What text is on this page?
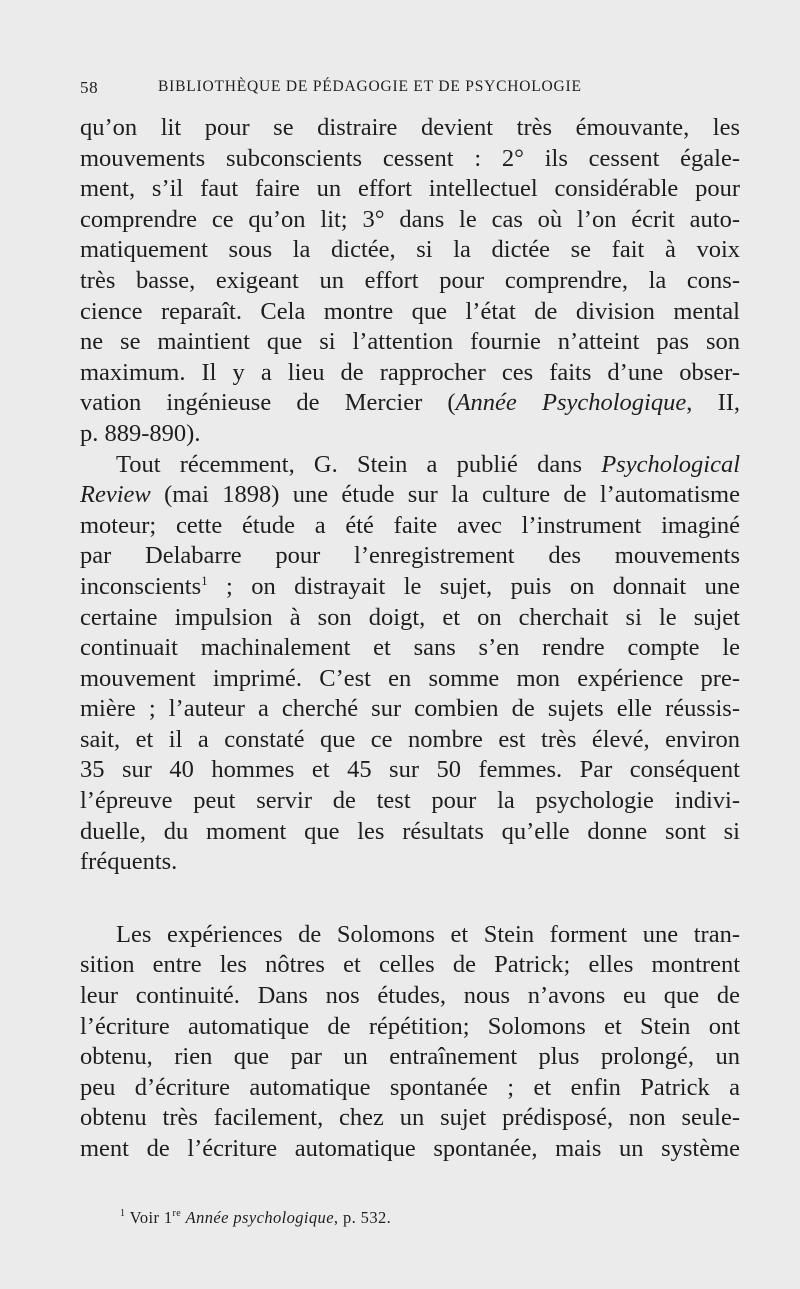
58	BIBLIOTHÈQUE DE PÉDAGOGIE ET DE PSYCHOLOGIE
qu’on lit pour se distraire devient très émouvante, les
mouvements subconscients cessent : 2° ils cessent égale-
ment, s’il faut faire un effort intellectuel considérable pour
comprendre ce qu’on lit; 3° dans le cas où l’on écrit auto-
matiquement sous la dictée, si la dictée se fait à voix
très basse, exigeant un effort pour comprendre, la cons-
cience reparaît. Cela montre que l’état de division mental
ne se maintient que si l’attention fournie n’atteint pas son
maximum. Il y a lieu de rapprocher ces faits d’une obser-
vation ingénieuse de Mercier (Année Psychologique, II,
p. 889-890).
Tout récemment, G. Stein a publié dans Psychological
Review (mai 1898) une étude sur la culture de l’automatisme
moteur; cette étude a été faite avec l’instrument imaginé
par Delabarre pour l’enregistrement des mouvements
inconscients$^1$ ; on distrayait le sujet, puis on donnait une
certaine impulsion à son doigt, et on cherchait si le sujet
continuait machinalement et sans s’en rendre compte le
mouvement imprimé. C’est en somme mon expérience pre-
mière ; l’auteur a cherché sur combien de sujets elle réussis-
sait, et il a constaté que ce nombre est très élevé, environ
35 sur 40 hommes et 45 sur 50 femmes. Par conséquent
l’épreuve peut servir de test pour la psychologie indivi-
duelle, du moment que les résultats qu’elle donne sont si
fréquents.
Les expériences de Solomons et Stein forment une tran-
sition entre les nôtres et celles de Patrick; elles montrent
leur continuité. Dans nos études, nous n’avons eu que de
l’écriture automatique de répétition; Solomons et Stein ont
obtenu, rien que par un entraînement plus prolongé, un
peu d’écriture automatique spontanée ; et enfin Patrick a
obtenu très facilement, chez un sujet prédisposé, non seule-
ment de l’écriture automatique spontanée, mais un système
$^1$ Voir 1re Année psychologique, p. 532.
